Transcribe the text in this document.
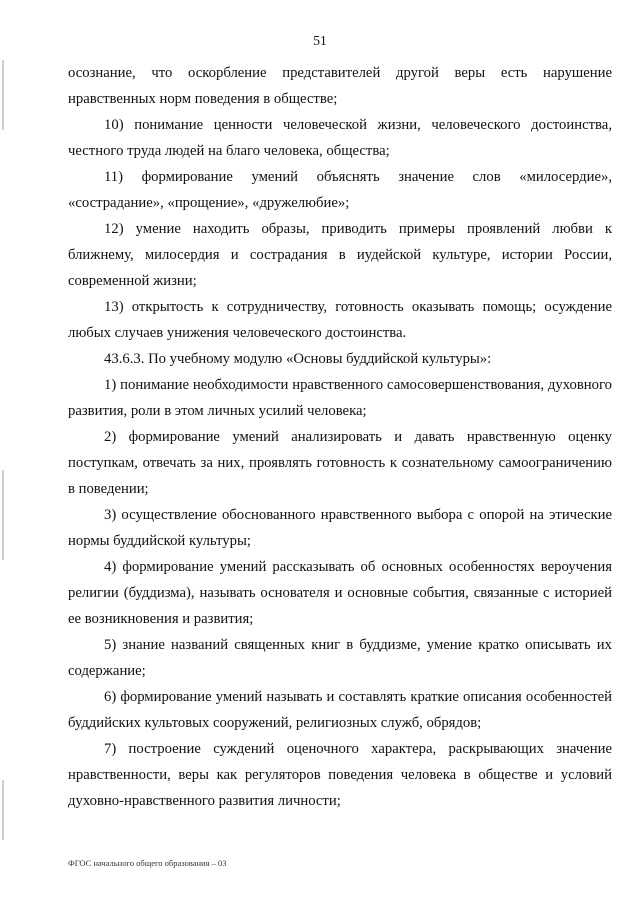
51

осознание, что оскорбление представителей другой веры есть нарушение нравственных норм поведения в обществе;

10) понимание ценности человеческой жизни, человеческого достоинства, честного труда людей на благо человека, общества;

11) формирование умений объяснять значение слов «милосердие», «сострадание», «прощение», «дружелюбие»;

12) умение находить образы, приводить примеры проявлений любви к ближнему, милосердия и сострадания в иудейской культуре, истории России, современной жизни;

13) открытость к сотрудничеству, готовность оказывать помощь; осуждение любых случаев унижения человеческого достоинства.

43.6.3. По учебному модулю «Основы буддийской культуры»:

1) понимание необходимости нравственного самосовершенствования, духовного развития, роли в этом личных усилий человека;

2) формирование умений анализировать и давать нравственную оценку поступкам, отвечать за них, проявлять готовность к сознательному самоограничению в поведении;

3) осуществление обоснованного нравственного выбора с опорой на этические нормы буддийской культуры;

4) формирование умений рассказывать об основных особенностях вероучения религии (буддизма), называть основателя и основные события, связанные с историей ее возникновения и развития;

5) знание названий священных книг в буддизме, умение кратко описывать их содержание;

6) формирование умений называть и составлять краткие описания особенностей буддийских культовых сооружений, религиозных служб, обрядов;

7) построение суждений оценочного характера, раскрывающих значение нравственности, веры как регуляторов поведения человека в обществе и условий духовно-нравственного развития личности;

ФГОС начального общего образования – 03
